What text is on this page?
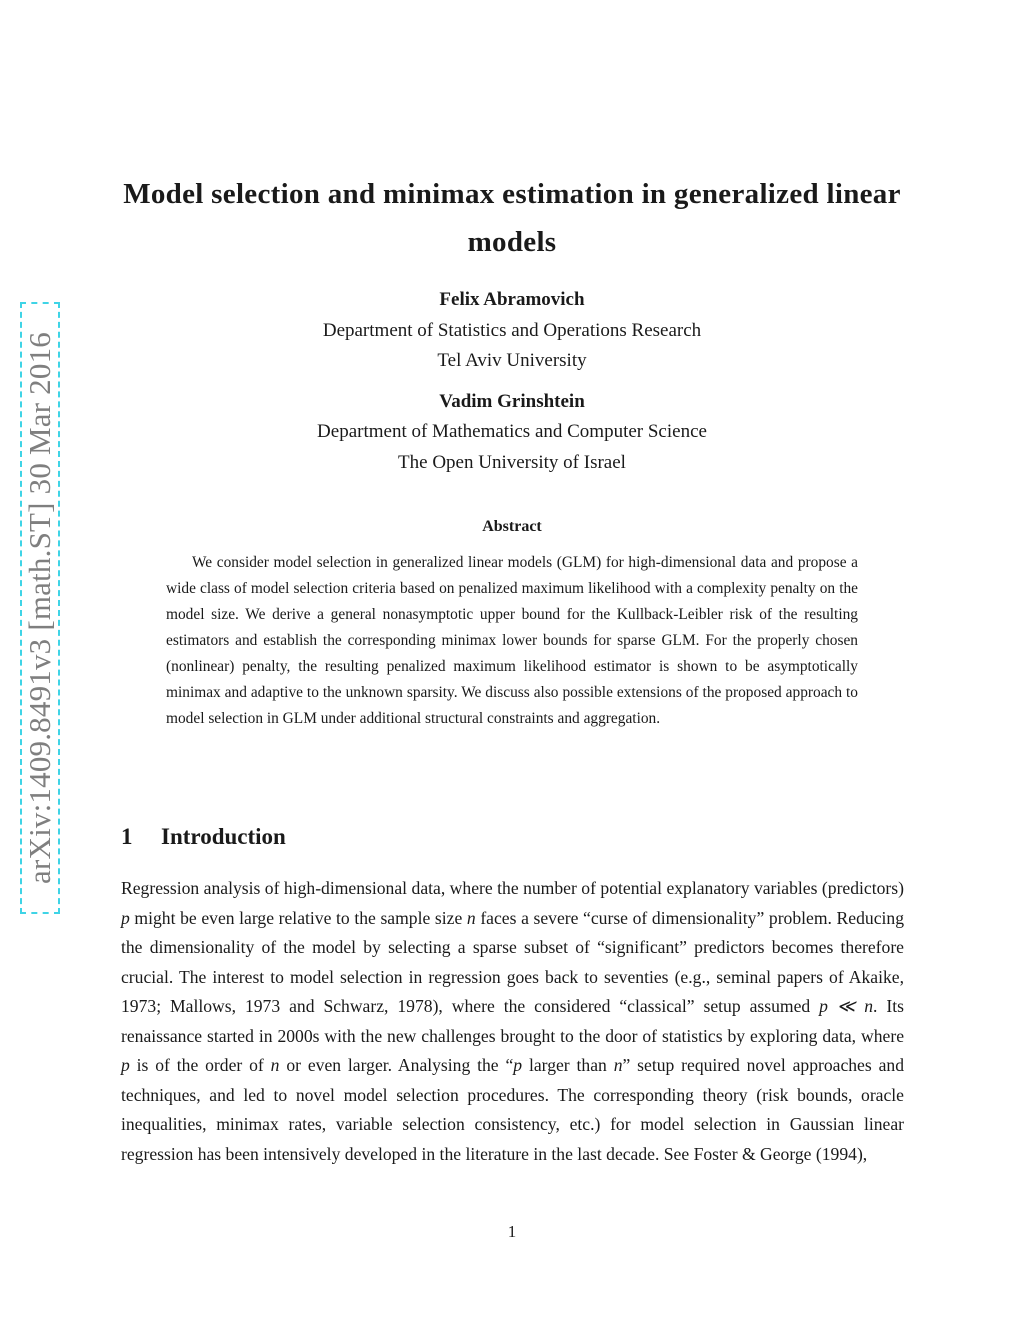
arXiv:1409.8491v3 [math.ST] 30 Mar 2016
Model selection and minimax estimation in generalized linear models
Felix Abramovich
Department of Statistics and Operations Research
Tel Aviv University
Vadim Grinshtein
Department of Mathematics and Computer Science
The Open University of Israel
Abstract

We consider model selection in generalized linear models (GLM) for high-dimensional data and propose a wide class of model selection criteria based on penalized maximum likelihood with a complexity penalty on the model size. We derive a general nonasymptotic upper bound for the Kullback-Leibler risk of the resulting estimators and establish the corresponding minimax lower bounds for sparse GLM. For the properly chosen (nonlinear) penalty, the resulting penalized maximum likelihood estimator is shown to be asymptotically minimax and adaptive to the unknown sparsity. We discuss also possible extensions of the proposed approach to model selection in GLM under additional structural constraints and aggregation.

1 Introduction

Regression analysis of high-dimensional data, where the number of potential explanatory variables (predictors) p might be even large relative to the sample size n faces a severe “curse of dimensionality” problem. Reducing the dimensionality of the model by selecting a sparse subset of “significant” predictors becomes therefore crucial. The interest to model selection in regression goes back to seventies (e.g., seminal papers of Akaike, 1973; Mallows, 1973 and Schwarz, 1978), where the considered “classical” setup assumed p ≪ n. Its renaissance started in 2000s with the new challenges brought to the door of statistics by exploring data, where p is of the order of n or even larger. Analysing the “p larger than n” setup required novel approaches and techniques, and led to novel model selection procedures. The corresponding theory (risk bounds, oracle inequalities, minimax rates, variable selection consistency, etc.) for model selection in Gaussian linear regression has been intensively developed in the literature in the last decade. See Foster & George (1994),

1
